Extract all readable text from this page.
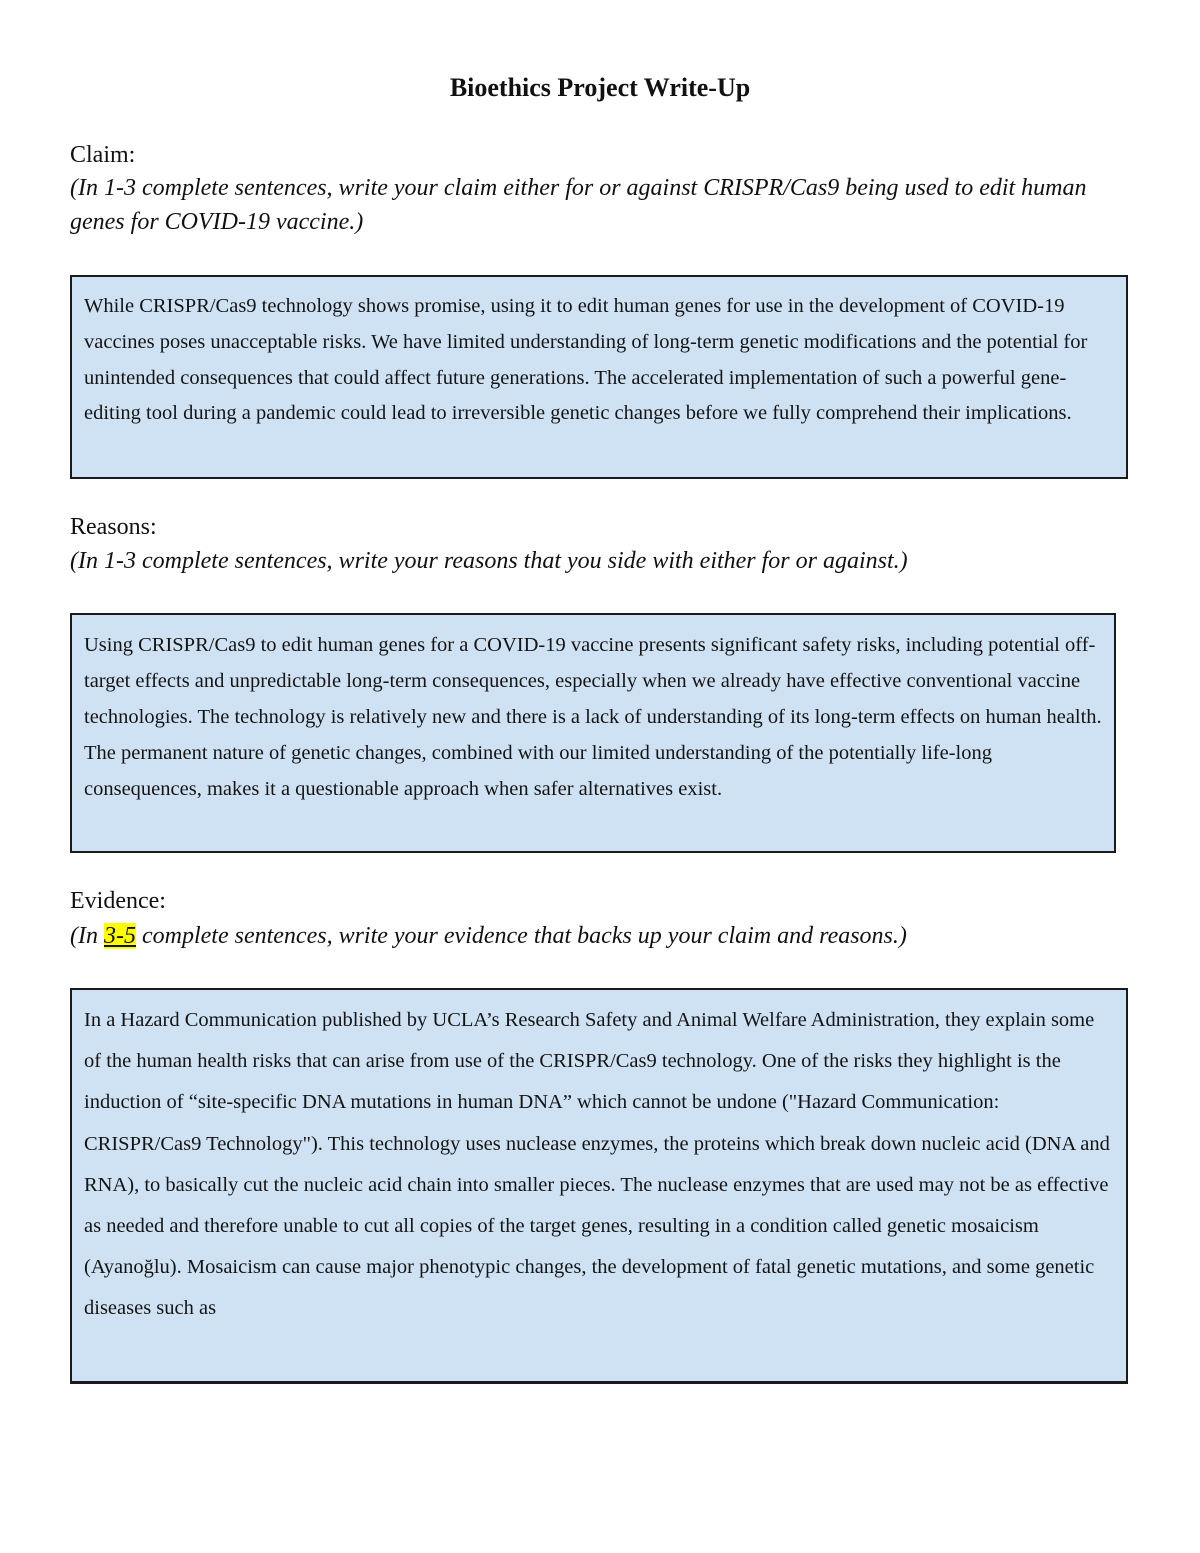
Bioethics Project Write-Up
Claim:
(In 1-3 complete sentences, write your claim either for or against CRISPR/Cas9 being used to edit human genes for COVID-19 vaccine.)
While CRISPR/Cas9 technology shows promise, using it to edit human genes for use in the development of COVID-19 vaccines poses unacceptable risks. We have limited understanding of long-term genetic modifications and the potential for unintended consequences that could affect future generations. The accelerated implementation of such a powerful gene-editing tool during a pandemic could lead to irreversible genetic changes before we fully comprehend their implications.
Reasons:
(In 1-3 complete sentences, write your reasons that you side with either for or against.)
Using CRISPR/Cas9 to edit human genes for a COVID-19 vaccine presents significant safety risks, including potential off-target effects and unpredictable long-term consequences, especially when we already have effective conventional vaccine technologies. The technology is relatively new and there is a lack of understanding of its long-term effects on human health. The permanent nature of genetic changes, combined with our limited understanding of the potentially life-long consequences, makes it a questionable approach when safer alternatives exist.
Evidence:
(In 3-5 complete sentences, write your evidence that backs up your claim and reasons.)
In a Hazard Communication published by UCLA’s Research Safety and Animal Welfare Administration, they explain some of the human health risks that can arise from use of the CRISPR/Cas9 technology. One of the risks they highlight is the induction of “site-specific DNA mutations in human DNA” which cannot be undone ("Hazard Communication: CRISPR/Cas9 Technology"). This technology uses nuclease enzymes, the proteins which break down nucleic acid (DNA and RNA), to basically cut the nucleic acid chain into smaller pieces. The nuclease enzymes that are used may not be as effective as needed and therefore unable to cut all copies of the target genes, resulting in a condition called genetic mosaicism (Ayanoğlu). Mosaicism can cause major phenotypic changes, the development of fatal genetic mutations, and some genetic diseases such as
